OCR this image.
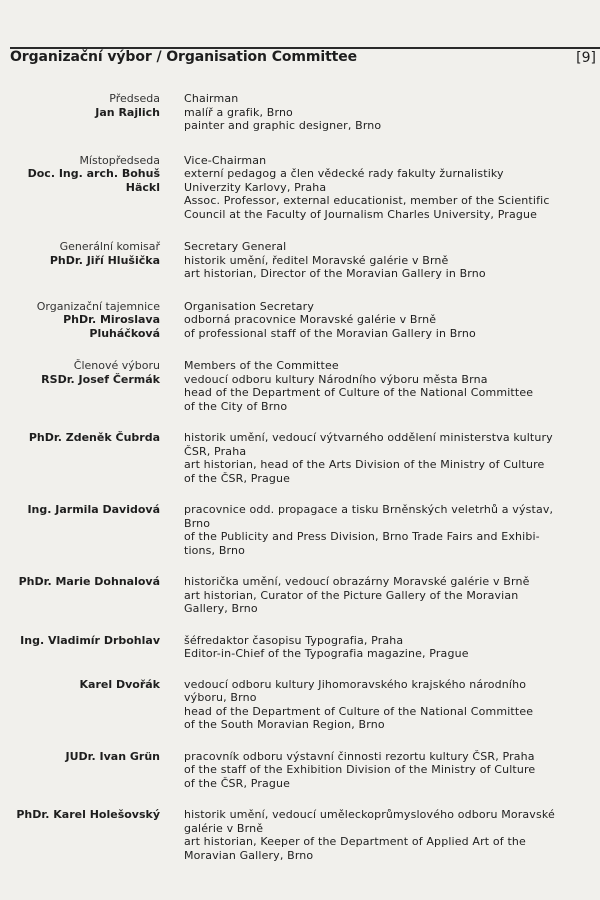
Organizační výbor / Organisation Committee	[9]
Předseda
Jan Rajlich
Chairman
malíř a grafik, Brno
painter and graphic designer, Brno
Místopředseda
Doc. Ing. arch. Bohuš Häckl
Vice-Chairman
externí pedagog a člen vědecké rady fakulty žurnalistiky
Univerzity Karlovy, Praha
Assoc. Professor, external educationist, member of the Scientific
Council at the Faculty of Journalism Charles University, Prague
Generální komisař
PhDr. Jiří Hlušička
Secretary General
historik umění, ředitel Moravské galérie v Brně
art historian, Director of the Moravian Gallery in Brno
Organizační tajemnice
PhDr. Miroslava Pluháčková
Organisation Secretary
odborná pracovnice Moravské galérie v Brně
of professional staff of the Moravian Gallery in Brno
Členové výboru
RSDr. Josef Čermák
Members of the Committee
vedoucí odboru kultury Národního výboru města Brna
head of the Department of Culture of the National Committee
of the City of Brno
PhDr. Zdeněk Čubrda historik umění, vedoucí výtvarného oddělení ministerstva kultury
ČSR, Praha
art historian, head of the Arts Division of the Ministry of Culture
of the ČSR, Prague
Ing. Jarmila Davidová pracovnice odd. propagace a tisku Brněnských veletrhů a výstav,
Brno
of the Publicity and Press Division, Brno Trade Fairs and Exhibi-
tions, Brno
PhDr. Marie Dohnalová historička umění, vedoucí obrazárny Moravské galérie v Brně
art historian, Curator of the Picture Gallery of the Moravian
Gallery, Brno
Ing. Vladimír Drbohlav šéfredaktor časopisu Typografia, Praha
Editor-in-Chief of the Typografia magazine, Prague
Karel Dvořák vedoucí odboru kultury Jihomoravského krajského národního
výboru, Brno
head of the Department of Culture of the National Committee
of the South Moravian Region, Brno
JUDr. Ivan Grün pracovník odboru výstavní činnosti rezortu kultury ČSR, Praha
of the staff of the Exhibition Division of the Ministry of Culture
of the ČSR, Prague
PhDr. Karel Holešovský historik umění, vedoucí uměleckoprůmyslového odboru Moravské
galérie v Brně
art historian, Keeper of the Department of Applied Art of the
Moravian Gallery, Brno
